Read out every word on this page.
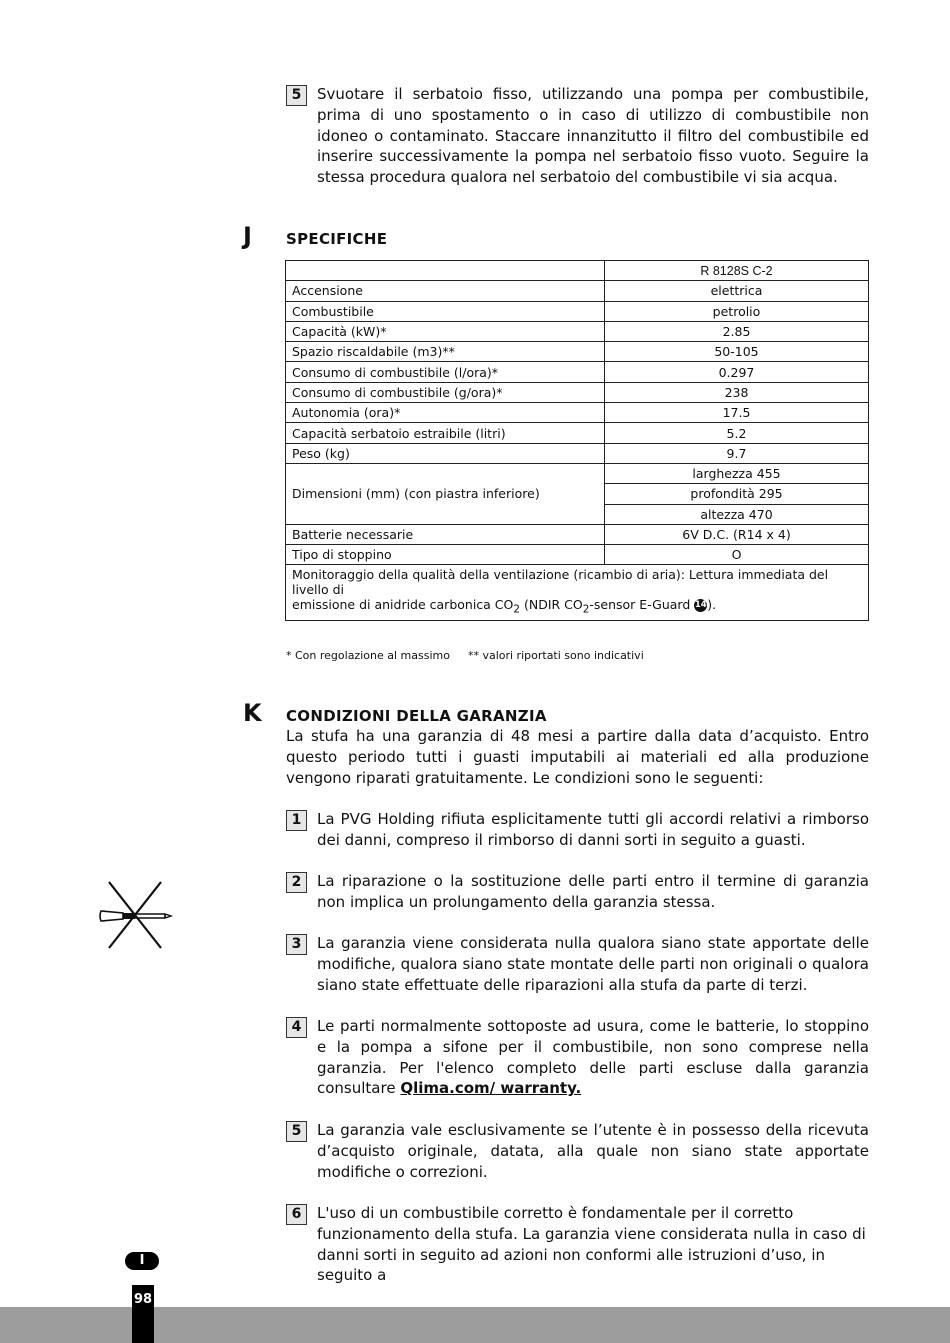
5	Svuotare il serbatoio fisso, utilizzando una pompa per combustibile, prima di uno spostamento o in caso di utilizzo di combustibile non idoneo o contaminato. Staccare innanzitutto il filtro del combustibile ed inserire successivamente la pompa nel serbatoio fisso vuoto. Seguire la stessa procedura qualora nel serbatoio del combustibile vi sia acqua.
J SPECIFICHE
	R 8128S C-2
Accensione	elettrica
Combustibile	petrolio
Capacità (kW)*	2.85
Spazio riscaldabile (m3)**	50-105
Consumo di combustibile (l/ora)*	0.297
Consumo di combustibile (g/ora)*	238
Autonomia (ora)*	17.5
Capacità serbatoio estraibile (litri)	5.2
Peso (kg)	9.7
Dimensioni (mm) (con piastra inferiore)	larghezza 455
	profondità 295
	altezza 470
Batterie necessarie	6V D.C. (R14 x 4)
Tipo di stoppino	O
Monitoraggio della qualità della ventilazione (ricambio di aria): Lettura immediata del livello di
emissione di anidride carbonica $CO_2$ (NDIR $CO_2$-sensor E-Guard 14).	
* Con regolazione al massimo ** valori riportati sono indicativi
K CONDIZIONI DELLA GARANZIA
La stufa ha una garanzia di 48 mesi a partire dalla data d’acquisto. Entro questo periodo tutti i guasti imputabili ai materiali ed alla produzione vengono riparati gratuitamente. Le condizioni sono le seguenti:
1	La PVG Holding rifiuta esplicitamente tutti gli accordi relativi a rimborso dei danni, compreso il rimborso di danni sorti in seguito a guasti.
2	La riparazione o la sostituzione delle parti entro il termine di garanzia non implica un prolungamento della garanzia stessa.
3	La garanzia viene considerata nulla qualora siano state apportate delle modifiche, qualora siano state montate delle parti non originali o qualora siano state effettuate delle riparazioni alla stufa da parte di terzi.
4	Le parti normalmente sottoposte ad usura, come le batterie, lo stoppino e la pompa a sifone per il combustibile, non sono comprese nella garanzia. Per l'elenco completo delle parti escluse dalla garanzia consultare Qlima.com/ warranty.
5	La garanzia vale esclusivamente se l’utente è in possesso della ricevuta d’acquisto originale, datata, alla quale non siano state apportate modifiche o correzioni.
6	L'uso di un combustibile corretto è fondamentale per il corretto funzionamento della stufa. La garanzia viene considerata nulla in caso di danni sorti in seguito ad azioni non conformi alle istruzioni d’uso, in seguito a
I
98
